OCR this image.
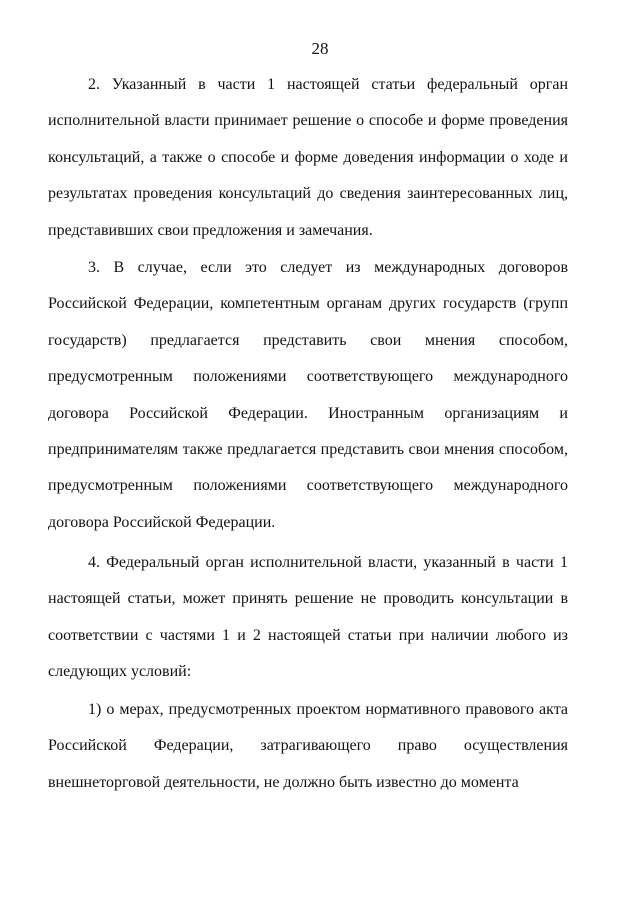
28

2. Указанный в части 1 настоящей статьи федеральный орган исполнительной власти принимает решение о способе и форме проведения консультаций, а также о способе и форме доведения информации о ходе и результатах проведения консультаций до сведения заинтересованных лиц, представивших свои предложения и замечания.

3. В случае, если это следует из международных договоров Российской Федерации, компетентным органам других государств (групп государств) предлагается представить свои мнения способом, предусмотренным положениями соответствующего международного договора Российской Федерации. Иностранным организациям и предпринимателям также предлагается представить свои мнения способом, предусмотренным положениями соответствующего международного договора Российской Федерации.

4. Федеральный орган исполнительной власти, указанный в части 1 настоящей статьи, может принять решение не проводить консультации в соответствии с частями 1 и 2 настоящей статьи при наличии любого из следующих условий:

1) о мерах, предусмотренных проектом нормативного правового акта Российской Федерации, затрагивающего право осуществления внешнеторговой деятельности, не должно быть известно до момента
